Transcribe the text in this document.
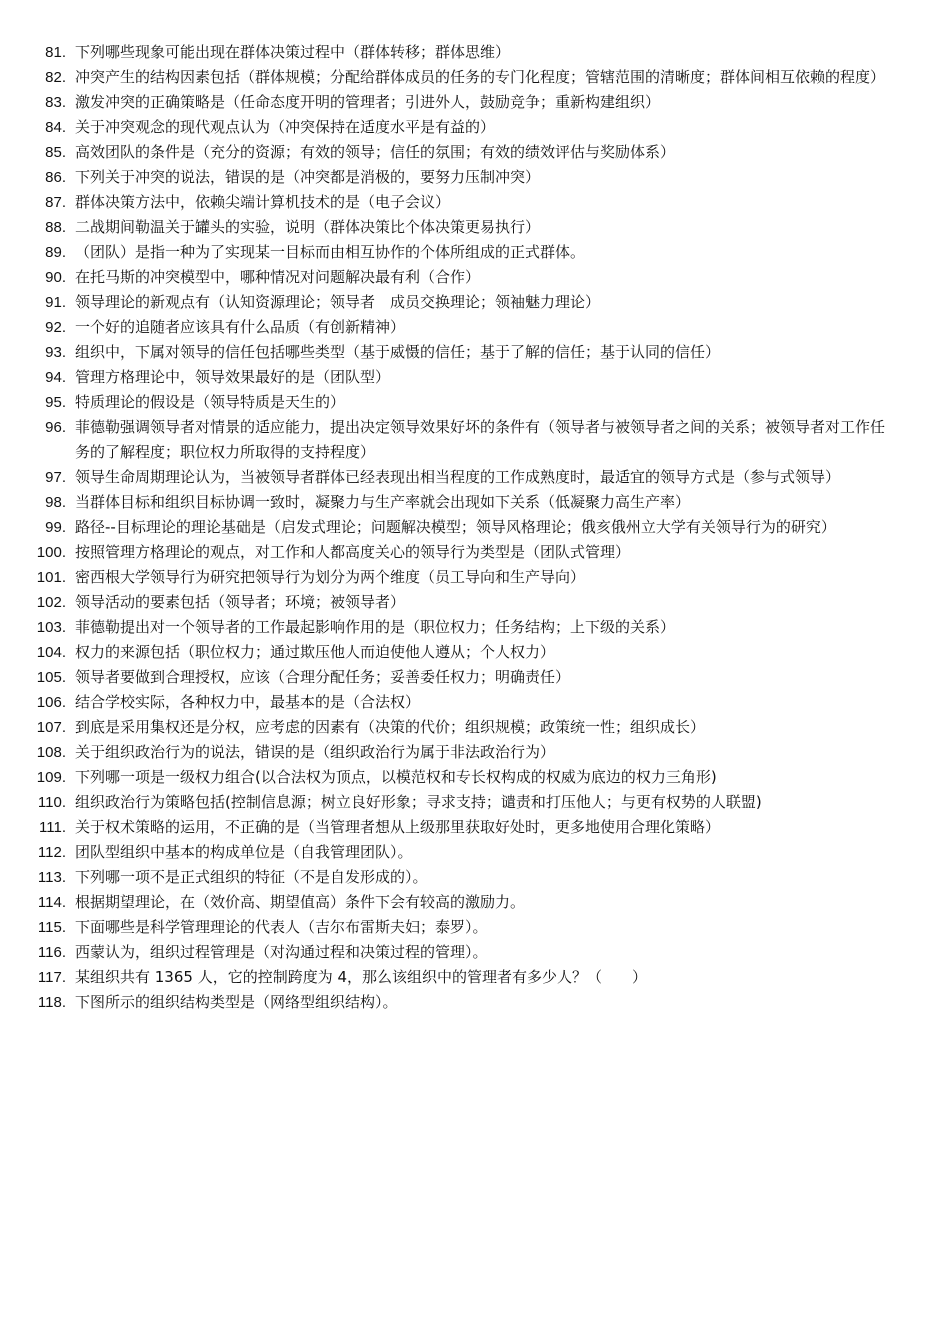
81. 下列哪些现象可能出现在群体决策过程中（群体转移；群体思维）
82. 冲突产生的结构因素包括（群体规模；分配给群体成员的任务的专门化程度；管辖范围的清晰度；群体间相互依赖的程度）
83. 激发冲突的正确策略是（任命态度开明的管理者；引进外人，鼓励竞争；重新构建组织）
84. 关于冲突观念的现代观点认为（冲突保持在适度水平是有益的）
85. 高效团队的条件是（充分的资源；有效的领导；信任的氛围；有效的绩效评估与奖励体系）
86. 下列关于冲突的说法，错误的是（冲突都是消极的，要努力压制冲突）
87. 群体决策方法中，依赖尖端计算机技术的是（电子会议）
88. 二战期间勒温关于罐头的实验，说明（群体决策比个体决策更易执行）
89. （团队）是指一种为了实现某一目标而由相互协作的个体所组成的正式群体。
90. 在托马斯的冲突模型中，哪种情况对问题解决最有利（合作）
91. 领导理论的新观点有（认知资源理论；领导者　成员交换理论；领袖魅力理论）
92. 一个好的追随者应该具有什么品质（有创新精神）
93. 组织中，下属对领导的信任包括哪些类型（基于威慑的信任；基于了解的信任；基于认同的信任）
94. 管理方格理论中，领导效果最好的是（团队型）
95. 特质理论的假设是（领导特质是天生的）
96. 菲德勒强调领导者对情景的适应能力，提出决定领导效果好坏的条件有（领导者与被领导者之间的关系；被领导者对工作任务的了解程度；职位权力所取得的支持程度）
97. 领导生命周期理论认为，当被领导者群体已经表现出相当程度的工作成熟度时，最适宜的领导方式是（参与式领导）
98. 当群体目标和组织目标协调一致时，凝聚力与生产率就会出现如下关系（低凝聚力高生产率）
99. 路径--目标理论的理论基础是（启发式理论；问题解决模型；领导风格理论；俄亥俄州立大学有关领导行为的研究）
100. 按照管理方格理论的观点，对工作和人都高度关心的领导行为类型是（团队式管理）
101. 密西根大学领导行为研究把领导行为划分为两个维度（员工导向和生产导向）
102. 领导活动的要素包括（领导者；环境；被领导者）
103. 菲德勒提出对一个领导者的工作最起影响作用的是（职位权力；任务结构；上下级的关系）
104. 权力的来源包括（职位权力；通过欺压他人而迫使他人遵从；个人权力）
105. 领导者要做到合理授权，应该（合理分配任务；妥善委任权力；明确责任）
106. 结合学校实际，各种权力中，最基本的是（合法权）
107. 到底是采用集权还是分权，应考虑的因素有（决策的代价；组织规模；政策统一性；组织成长）
108. 关于组织政治行为的说法，错误的是（组织政治行为属于非法政治行为）
109. 下列哪一项是一级权力组合(以合法权为顶点，以模范权和专长权构成的权威为底边的权力三角形)
110. 组织政治行为策略包括(控制信息源；树立良好形象；寻求支持；谴责和打压他人；与更有权势的人联盟)
111. 关于权术策略的运用，不正确的是（当管理者想从上级那里获取好处时，更多地使用合理化策略）
112. 团队型组织中基本的构成单位是（自我管理团队）。
113. 下列哪一项不是正式组织的特征（不是自发形成的）。
114. 根据期望理论，在（效价高、期望值高）条件下会有较高的激励力。
115. 下面哪些是科学管理理论的代表人（吉尔布雷斯夫妇；泰罗）。
116. 西蒙认为，组织过程管理是（对沟通过程和决策过程的管理）。
117. 某组织共有 1365 人，它的控制跨度为 4，那么该组织中的管理者有多少人？（　　）
118. 下图所示的组织结构类型是（网络型组织结构）。
